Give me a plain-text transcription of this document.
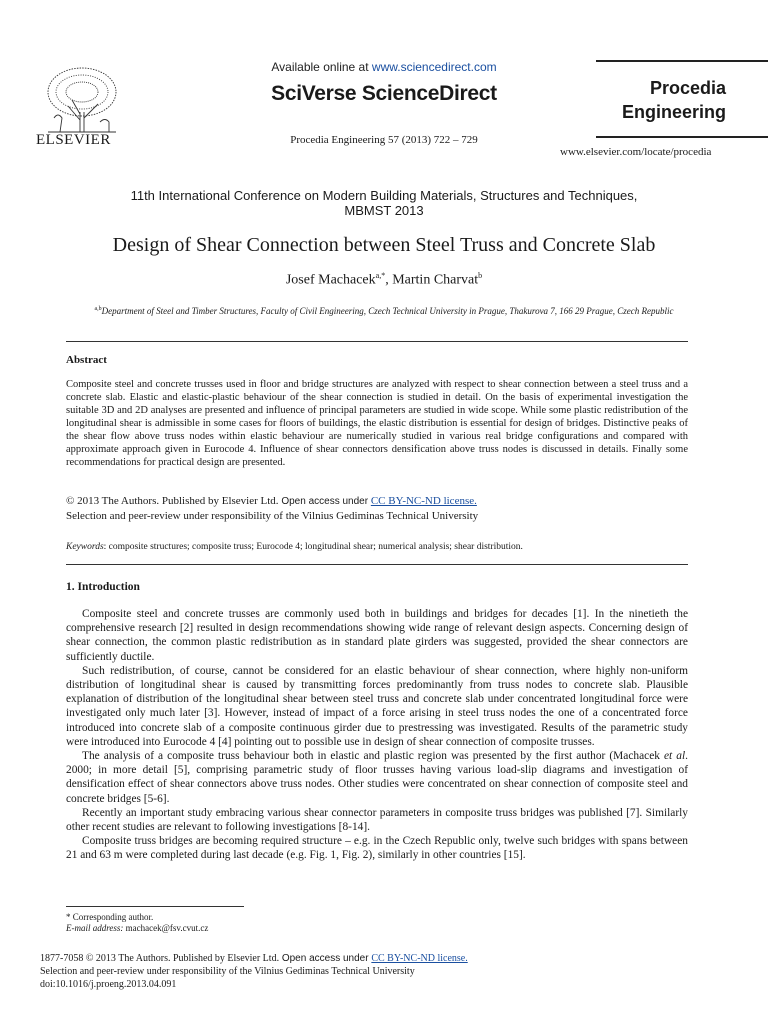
ELSEVIER
Available online at www.sciencedirect.com
SciVerse ScienceDirect
Procedia Engineering 57 (2013) 722 – 729
Procedia
Engineering
www.elsevier.com/locate/procedia
11th International Conference on Modern Building Materials, Structures and Techniques,
MBMST 2013
Design of Shear Connection between Steel Truss and Concrete Slab
Josef Machacek$^{a,*}$, Martin Charvat$^b$
$^{a,b}$Department of Steel and Timber Structures, Faculty of Civil Engineering, Czech Technical University in Prague, Thakurova 7, 166 29 Prague, Czech Republic
Abstract
Composite steel and concrete trusses used in floor and bridge structures are analyzed with respect to shear connection between a steel truss and a concrete slab. Elastic and elastic-plastic behaviour of the shear connection is studied in detail. On the basis of experimental investigation the suitable 3D and 2D analyses are presented and influence of principal parameters are studied in wide scope. While some plastic redistribution of the longitudinal shear is admissible in some cases for floors of buildings, the elastic distribution is essential for design of bridges. Distinctive peaks of the shear flow above truss nodes within elastic behaviour are numerically studied in various real bridge configurations and compared with approximate approach given in Eurocode 4. Influence of shear connectors densification above truss nodes is discussed in details. Finally some recommendations for practical design are presented.
© 2013 The Authors. Published by Elsevier Ltd. Open access under CC BY-NC-ND license.
Selection and peer-review under responsibility of the Vilnius Gediminas Technical University
Keywords: composite structures; composite truss; Eurocode 4; longitudinal shear; numerical analysis; shear distribution.
1. Introduction

Composite steel and concrete trusses are commonly used both in buildings and bridges for decades [1]. In the ninetieth the comprehensive research [2] resulted in design recommendations showing wide range of relevant design aspects. Concerning design of shear connection, the common plastic redistribution as in standard plate girders was suggested, provided the shear connectors are sufficiently ductile.

Such redistribution, of course, cannot be considered for an elastic behaviour of shear connection, where highly non-uniform distribution of longitudinal shear is caused by transmitting forces predominantly from truss nodes to concrete slab. Plausible explanation of distribution of the longitudinal shear between steel truss and concrete slab under concentrated longitudinal force were investigated only much later [3]. However, instead of impact of a force arising in steel truss nodes the one of a concentrated force introduced into concrete slab of a composite continuous girder due to prestressing was investigated. Results of the parametric study were introduced into Eurocode 4 [4] pointing out to possible use in design of shear connection of composite trusses.

The analysis of a composite truss behaviour both in elastic and plastic region was presented by the first author (Machacek et al. 2000; in more detail [5], comprising parametric study of floor trusses having various load-slip diagrams and investigation of densification effect of shear connectors above truss nodes. Other studies were concentrated on shear connection of composite steel and concrete bridges [5-6].

Recently an important study embracing various shear connector parameters in composite truss bridges was published [7]. Similarly other recent studies are relevant to following investigations [8-14].

Composite truss bridges are becoming required structure – e.g. in the Czech Republic only, twelve such bridges with spans between 21 and 63 m were completed during last decade (e.g. Fig. 1, Fig. 2), similarly in other countries [15].

* Corresponding author.
E-mail address: machacek@fsv.cvut.cz
1877-7058 © 2013 The Authors. Published by Elsevier Ltd. Open access under CC BY-NC-ND license.
Selection and peer-review under responsibility of the Vilnius Gediminas Technical University
doi:10.1016/j.proeng.2013.04.091
